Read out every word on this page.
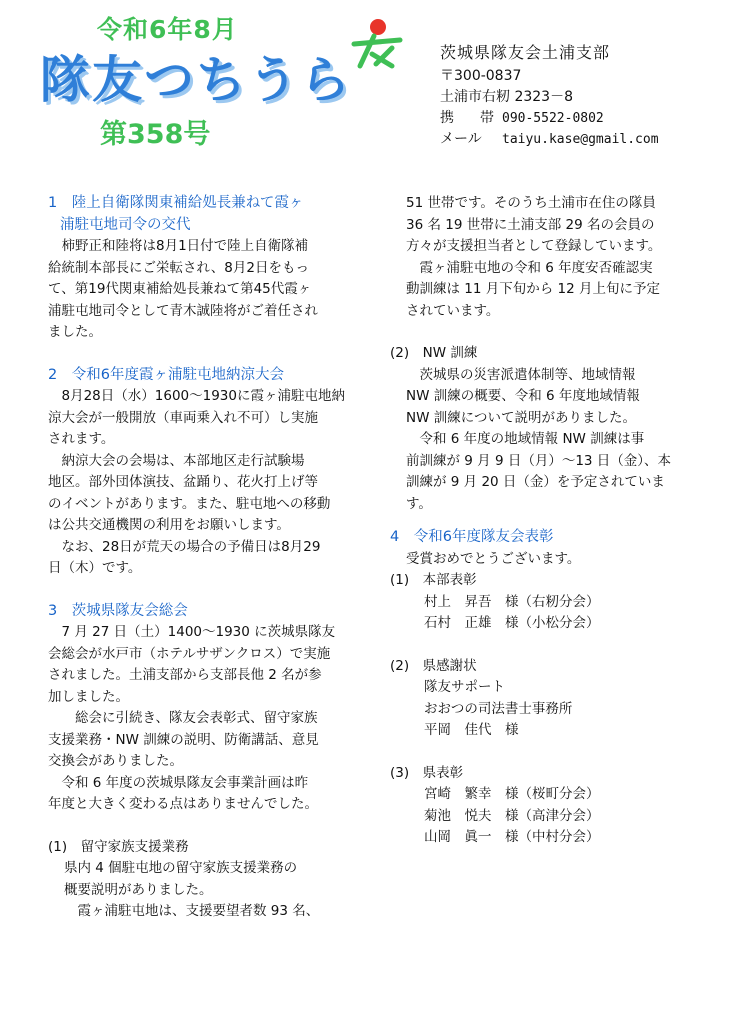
令和6年8月
隊友つちうら
第358号
茨城県隊友会土浦支部
〒300-0837
土浦市右籾 2323－8
携　帯 090-5522-0802
メール	taiyu.kase@gmail.com
1　陸上自衛隊関東補給処長兼ねて霞ヶ
浦駐屯地司令の交代
　柿野正和陸将は8月1日付で陸上自衛隊補
給統制本部長にご栄転され、8月2日をもっ
て、第19代関東補給処長兼ねて第45代霞ヶ
浦駐屯地司令として青木誠陸将がご着任され
ました。
2　令和6年度霞ヶ浦駐屯地納涼大会
　8月28日（水）1600～1930に霞ヶ浦駐屯地納
涼大会が一般開放（車両乗入れ不可）し実施
されます。
　納涼大会の会場は、本部地区走行試験場
地区。部外団体演技、盆踊り、花火打上げ等
のイベントがあります。また、駐屯地への移動
は公共交通機関の利用をお願いします。
　なお、28日が荒天の場合の予備日は8月29
日（木）です。
3　茨城県隊友会総会
　7 月 27 日（土）1400～1930 に茨城県隊友
会総会が水戸市（ホテルサザンクロス）で実施
されました。土浦支部から支部長他 2 名が参
加しました。
　　総会に引続き、隊友会表彰式、留守家族
支援業務・NW 訓練の説明、防衛講話、意見
交換会がありました。
　令和 6 年度の茨城県隊友会事業計画は昨
年度と大きく変わる点はありませんでした。
(1)　留守家族支援業務
県内 4 個駐屯地の留守家族支援業務の
概要説明がありました。
　霞ヶ浦駐屯地は、支援要望者数 93 名、
51 世帯です。そのうち土浦市在住の隊員
36 名 19 世帯に土浦支部 29 名の会員の
方々が支援担当者として登録しています。
　霞ヶ浦駐屯地の令和 6 年度安否確認実
動訓練は 11 月下旬から 12 月上旬に予定
されています。
(2)　NW 訓練
　茨城県の災害派遣体制等、地域情報
NW 訓練の概要、令和 6 年度地域情報
NW 訓練について説明がありました。
　令和 6 年度の地域情報 NW 訓練は事
前訓練が 9 月 9 日（月）～13 日（金）、本
訓練が 9 月 20 日（金）を予定されていま
す。
4　令和6年度隊友会表彰
受賞おめでとうございます。
(1)　本部表彰
村上　昇吾　様（右籾分会）
石村　正雄　様（小松分会）
(2)　県感謝状
隊友サポート
おおつの司法書士事務所
平岡　佳代　様
(3)　県表彰
宮崎　繁幸　様（桜町分会）
菊池　悦夫　様（高津分会）
山岡　眞一　様（中村分会）
